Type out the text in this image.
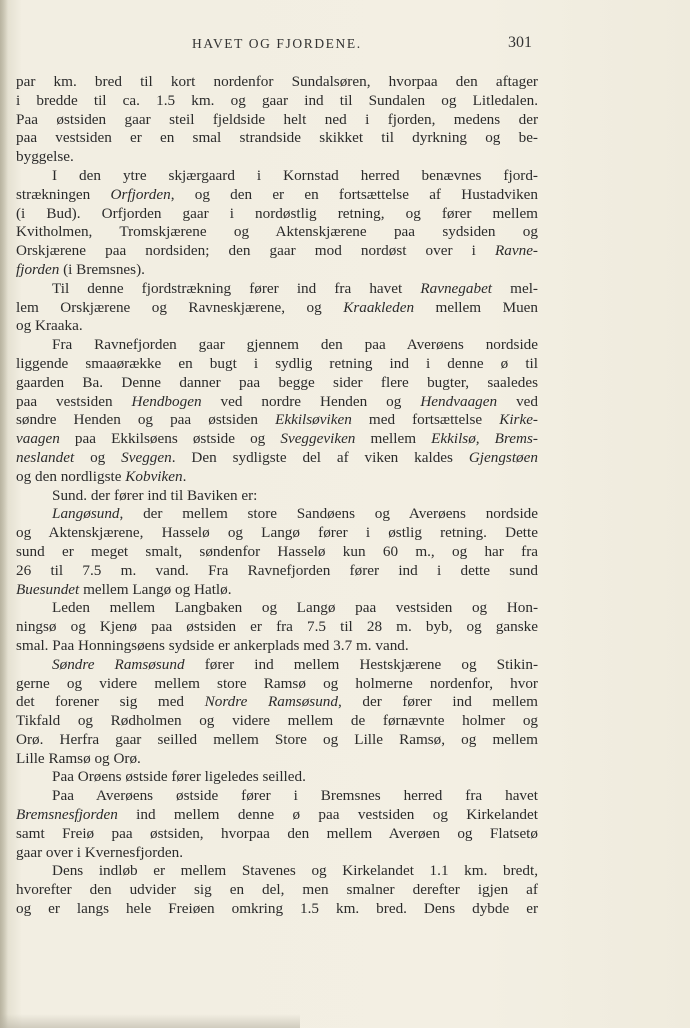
HAVET OG FJORDENE.	301
par km. bred til kort nordenfor Sundalsøren, hvorpaa den aftager
i bredde til ca. 1.5 km. og gaar ind til Sundalen og Litledalen.
Paa østsiden gaar steil fjeldside helt ned i fjorden, medens der
paa vestsiden er en smal strandside skikket til dyrkning og be-
byggelse.
I den ytre skjærgaard i Kornstad herred benævnes fjord-
strækningen Orfjorden, og den er en fortsættelse af Hustadviken
(i Bud). Orfjorden gaar i nordøstlig retning, og fører mellem
Kvitholmen, Tromskjærene og Aktenskjærene paa sydsiden og
Orskjærene paa nordsiden; den gaar mod nordøst over i Ravne-
fjorden (i Bremsnes).
Til denne fjordstrækning fører ind fra havet Ravnegabet mel-
lem Orskjærene og Ravneskjærene, og Kraakleden mellem Muen
og Kraaka.
Fra Ravnefjorden gaar gjennem den paa Averøens nordside
liggende smaaørække en bugt i sydlig retning ind i denne ø til
gaarden Ba. Denne danner paa begge sider flere bugter, saaledes
paa vestsiden Hendbogen ved nordre Henden og Hendvaagen ved
søndre Henden og paa østsiden Ekkilsøviken med fortsættelse Kirke-
vaagen paa Ekkilsøens østside og Sveggeviken mellem Ekkilsø, Brems-
neslandet og Sveggen. Den sydligste del af viken kaldes Gjengstøen
og den nordligste Kobviken.
Sund. der fører ind til Baviken er:
Langøsund, der mellem store Sandøens og Averøens nordside
og Aktenskjærene, Hasselø og Langø fører i østlig retning. Dette
sund er meget smalt, søndenfor Hasselø kun 60 m., og har fra
26 til 7.5 m. vand. Fra Ravnefjorden fører ind i dette sund
Buesundet mellem Langø og Hatlø.
Leden mellem Langbaken og Langø paa vestsiden og Hon-
ningsø og Kjenø paa østsiden er fra 7.5 til 28 m. byb, og ganske
smal. Paa Honningsøens sydside er ankerplads med 3.7 m. vand.
Søndre Ramsøsund fører ind mellem Hestskjærene og Stikin-
gerne og videre mellem store Ramsø og holmerne nordenfor, hvor
det forener sig med Nordre Ramsøsund, der fører ind mellem
Tikfald og Rødholmen og videre mellem de førnævnte holmer og
Orø. Herfra gaar seilled mellem Store og Lille Ramsø, og mellem
Lille Ramsø og Orø.
Paa Orøens østside fører ligeledes seilled.
Paa Averøens østside fører i Bremsnes herred fra havet
Bremsnesfjorden ind mellem denne ø paa vestsiden og Kirkelandet
samt Freiø paa østsiden, hvorpaa den mellem Averøen og Flatsetø
gaar over i Kvernesfjorden.
Dens indløb er mellem Stavenes og Kirkelandet 1.1 km. bredt,
hvorefter den udvider sig en del, men smalner derefter igjen af
og er langs hele Freiøen omkring 1.5 km. bred. Dens dybde er
